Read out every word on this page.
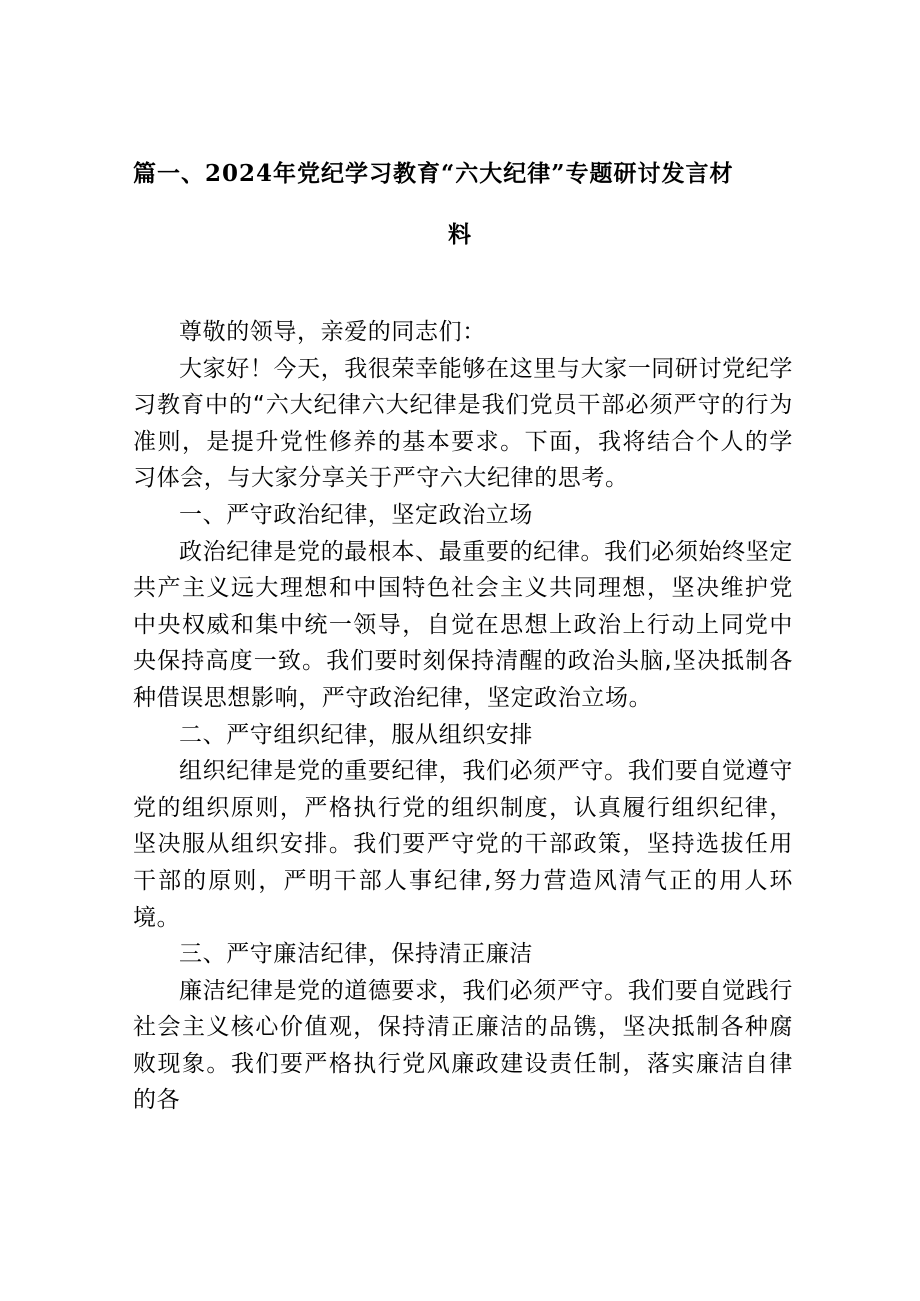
篇一、2024年党纪学习教育“六大纪律”专题研讨发言材
料

尊敬的领导，亲爱的同志们：

大家好！今天，我很荣幸能够在这里与大家一同研讨党纪学习教育中的“六大纪律六大纪律是我们党员干部必须严守的行为准则，是提升党性修养的基本要求。下面，我将结合个人的学习体会，与大家分享关于严守六大纪律的思考。

一、严守政治纪律，坚定政治立场

政治纪律是党的最根本、最重要的纪律。我们必须始终坚定共产主义远大理想和中国特色社会主义共同理想，坚决维护党中央权威和集中统一领导，自觉在思想上政治上行动上同党中央保持高度一致。我们要时刻保持清醒的政治头脑,坚决抵制各种借误思想影响，严守政治纪律，坚定政治立场。

二、严守组织纪律，服从组织安排

组织纪律是党的重要纪律，我们必须严守。我们要自觉遵守党的组织原则，严格执行党的组织制度，认真履行组织纪律，坚决服从组织安排。我们要严守党的干部政策，坚持选拔任用干部的原则，严明干部人事纪律,努力营造风清气正的用人环境。

三、严守廉洁纪律，保持清正廉洁

廉洁纪律是党的道德要求，我们必须严守。我们要自觉践行社会主义核心价值观，保持清正廉洁的品镌，坚决抵制各种腐败现象。我们要严格执行党风廉政建设责任制，落实廉洁自律的各
